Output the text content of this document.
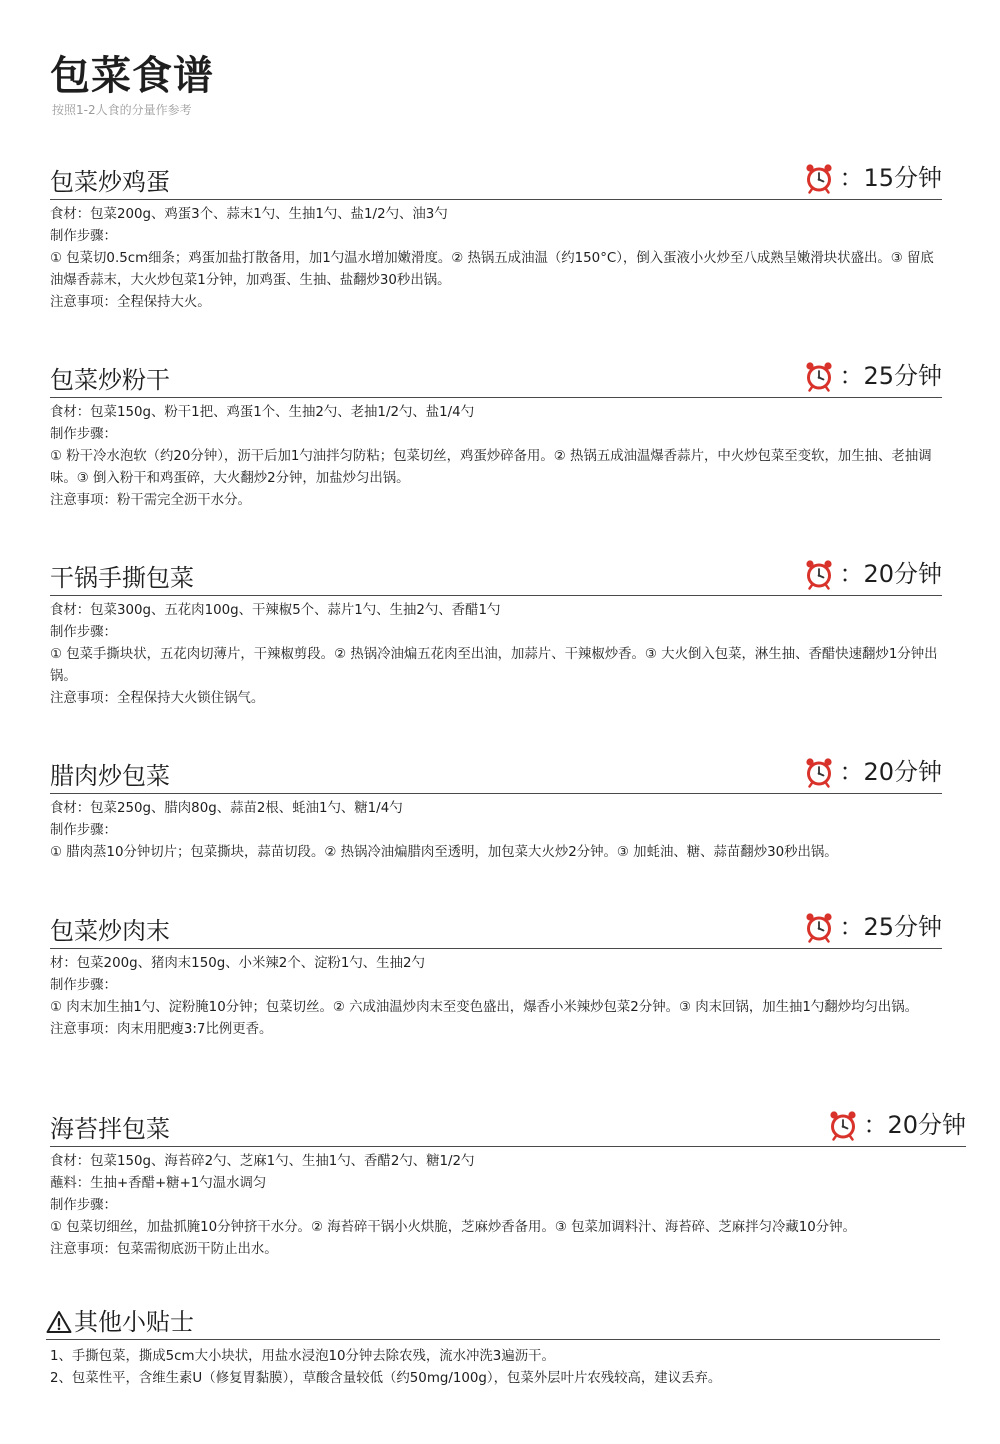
包菜食谱
按照1-2人食的分量作参考
包菜炒鸡蛋	： 15分钟
食材：包菜200g、鸡蛋3个、蒜末1勺、生抽1勺、盐1/2勺、油3勺
制作步骤：
① 包菜切0.5cm细条；鸡蛋加盐打散备用，加1勺温水增加嫩滑度。② 热锅五成油温（约150°C），倒入蛋液小火炒至八成熟呈嫩滑块状盛出。③ 留底油爆香蒜末，大火炒包菜1分钟，加鸡蛋、生抽、盐翻炒30秒出锅。
注意事项：全程保持大火。
包菜炒粉干	： 25分钟
食材：包菜150g、粉干1把、鸡蛋1个、生抽2勺、老抽1/2勺、盐1/4勺
制作步骤：
① 粉干冷水泡软（约20分钟），沥干后加1勺油拌匀防粘；包菜切丝，鸡蛋炒碎备用。② 热锅五成油温爆香蒜片，中火炒包菜至变软，加生抽、老抽调味。③ 倒入粉干和鸡蛋碎，大火翻炒2分钟，加盐炒匀出锅。
注意事项：粉干需完全沥干水分。
干锅手撕包菜	： 20分钟
食材：包菜300g、五花肉100g、干辣椒5个、蒜片1勺、生抽2勺、香醋1勺
制作步骤：
① 包菜手撕块状，五花肉切薄片，干辣椒剪段。② 热锅冷油煸五花肉至出油，加蒜片、干辣椒炒香。③ 大火倒入包菜，淋生抽、香醋快速翻炒1分钟出锅。
注意事项：全程保持大火锁住锅气。
腊肉炒包菜	： 20分钟
食材：包菜250g、腊肉80g、蒜苗2根、蚝油1勺、糖1/4勺
制作步骤：
① 腊肉蒸10分钟切片；包菜撕块，蒜苗切段。② 热锅冷油煸腊肉至透明，加包菜大火炒2分钟。③ 加蚝油、糖、蒜苗翻炒30秒出锅。
包菜炒肉末	： 25分钟
材：包菜200g、猪肉末150g、小米辣2个、淀粉1勺、生抽2勺
制作步骤：
① 肉末加生抽1勺、淀粉腌10分钟；包菜切丝。② 六成油温炒肉末至变色盛出，爆香小米辣炒包菜2分钟。③ 肉末回锅，加生抽1勺翻炒均匀出锅。
注意事项：肉末用肥瘦3:7比例更香。
海苔拌包菜	： 20分钟
食材：包菜150g、海苔碎2勺、芝麻1勺、生抽1勺、香醋2勺、糖1/2勺
蘸料：生抽+香醋+糖+1勺温水调匀
制作步骤：
① 包菜切细丝，加盐抓腌10分钟挤干水分。② 海苔碎干锅小火烘脆，芝麻炒香备用。③ 包菜加调料汁、海苔碎、芝麻拌匀冷藏10分钟。
注意事项：包菜需彻底沥干防止出水。
其他小贴士
1、手撕包菜，撕成5cm大小块状，用盐水浸泡10分钟去除农残，流水冲洗3遍沥干。
2、包菜性平，含维生素U（修复胃黏膜），草酸含量较低（约50mg/100g），包菜外层叶片农残较高，建议丢弃。
